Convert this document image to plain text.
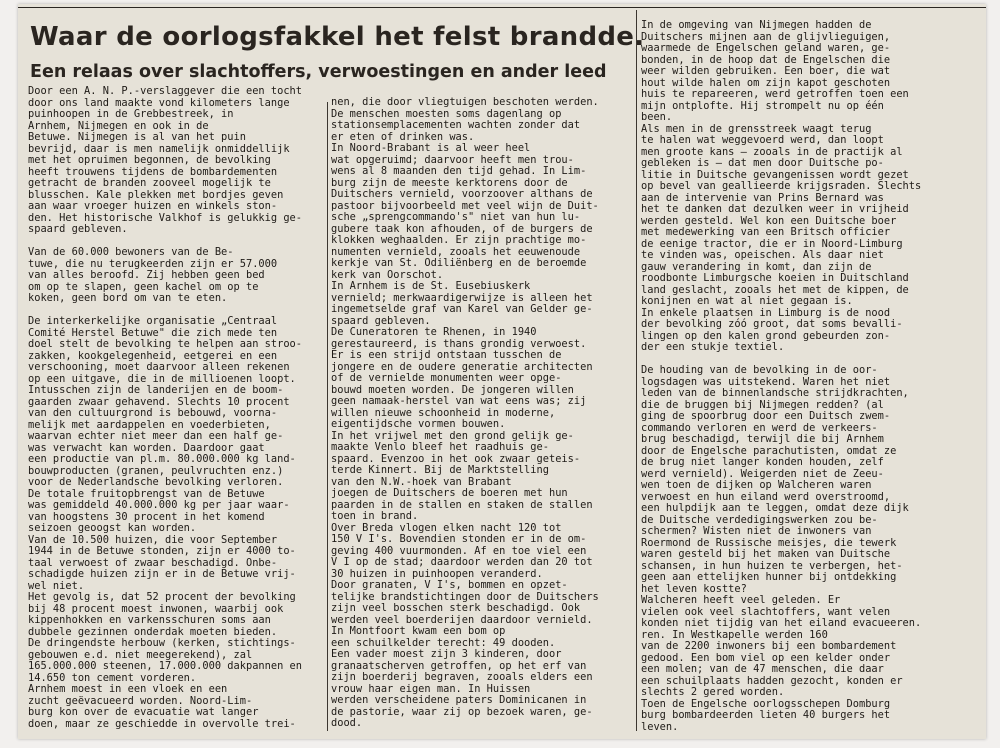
Waar de oorlogsfakkel het felst brandde.
Een relaas over slachtoffers, verwoestingen en ander leed
Door een A. N. P.-verslaggever die een tocht
door ons land maakte vond kilometers lange
puinhoopen in de Grebbestreek, in
Arnhem, Nijmegen en ook in de
Betuwe. Nijmegen is al van het puin
bevrijd, daar is men namelijk onmiddellijk
met het opruimen begonnen, de bevolking
heeft trouwens tijdens de bombardementen
getracht de branden zooveel mogelijk te
blusschen. Kale plekken met bordjes geven
aan waar vroeger huizen en winkels ston-
den. Het historische Valkhof is gelukkig ge-
spaard gebleven.
Van de 60.000 bewoners van de Be-
tuwe, die nu terugkeerden zijn er 57.000
van alles beroofd. Zij hebben geen bed
om op te slapen, geen kachel om op te
koken, geen bord om van te eten.
De interkerkelijke organisatie „Centraal
Comité Herstel Betuwe" die zich mede ten
doel stelt de bevolking te helpen aan stroo-
zakken, kookgelegenheid, eetgerei en een
verschooning, moet daarvoor alleen rekenen
op een uitgave, die in de millioenen loopt.
Intusschen zijn de landerijen en de boom-
gaarden zwaar gehavend. Slechts 10 procent
van den cultuurgrond is bebouwd, voorna-
melijk met aardappelen en voederbieten,
waarvan echter niet meer dan een half ge-
was verwacht kan worden. Daardoor gaat
een productie van pl.m. 80.000.000 kg land-
bouwproducten (granen, peulvruchten enz.)
voor de Nederlandsche bevolking verloren.
De totale fruitopbrengst van de Betuwe
was gemiddeld 40.000.000 kg per jaar waar-
van hoogstens 30 procent in het komend
seizoen geoogst kan worden.
Van de 10.500 huizen, die voor September
1944 in de Betuwe stonden, zijn er 4000 to-
taal verwoest of zwaar beschadigd. Onbe-
schadigde huizen zijn er in de Betuwe vrij-
wel niet.
Het gevolg is, dat 52 procent der bevolking
bij 48 procent moest inwonen, waarbij ook
kippenhokken en varkensschuren soms aan
dubbele gezinnen onderdak moeten bieden.
De dringendste herbouw (kerken, stichtings-
gebouwen e.d. niet meegerekend), zal
165.000.000 steenen, 17.000.000 dakpannen en
14.650 ton cement vorderen.
Arnhem moest in een vloek en een
zucht geëvacueerd worden. Noord-Lim-
burg kon over de evacuatie wat langer
doen, maar ze geschiedde in overvolle trei-
nen, die door vliegtuigen beschoten werden.
De menschen moesten soms dagenlang op
stationsemplacementen wachten zonder dat
er eten of drinken was.
In Noord-Brabant is al weer heel
wat opgeruimd; daarvoor heeft men trou-
wens al 8 maanden den tijd gehad. In Lim-
burg zijn de meeste kerktorens door de
Duitschers vernield, voorzoover althans de
pastoor bijvoorbeeld met veel wijn de Duit-
sche „sprengcommando's" niet van hun lu-
gubere taak kon afhouden, of de burgers de
klokken weghaalden. Er zijn prachtige mo-
numenten vernield, zooals het eeuwenoude
kerkje van St. Odiliënberg en de beroemde
kerk van Oorschot.
In Arnhem is de St. Eusebiuskerk
vernield; merkwaardigerwijze is alleen het
ingemetselde graf van Karel van Gelder ge-
spaard gebleven.
De Cuneratoren te Rhenen, in 1940
gerestaureerd, is thans grondig verwoest.
Er is een strijd ontstaan tusschen de
jongere en de oudere generatie architecten
of de vernielde monumenten weer opge-
bouwd moeten worden. De jongeren willen
geen namaak-herstel van wat eens was; zij
willen nieuwe schoonheid in moderne,
eigentijdsche vormen bouwen.
In het vrijwel met den grond gelijk ge-
maakte Venlo bleef het raadhuis ge-
spaard. Evenzoo in het ook zwaar geteis-
terde Kinnert. Bij de Marktstelling
van den N.W.-hoek van Brabant
joegen de Duitschers de boeren met hun
paarden in de stallen en staken de stallen
toen in brand.
Over Breda vlogen elken nacht 120 tot
150 V I's. Bovendien stonden er in de om-
geving 400 vuurmonden. Af en toe viel een
V I op de stad; daardoor werden dan 20 tot
30 huizen in puinhoopen veranderd.
Door granaten, V I's, bommen en opzet-
telijke brandstichtingen door de Duitschers
zijn veel bosschen sterk beschadigd. Ook
werden veel boerderijen daardoor vernield.
In Montfoort kwam een bom op
een schuilkelder terecht: 49 dooden.
Een vader moest zijn 3 kinderen, door
granaatscherven getroffen, op het erf van
zijn boerderij begraven, zooals elders een
vrouw haar eigen man. In Huissen
werden verscheidene paters Dominicanen in
de pastorie, waar zij op bezoek waren, ge-
dood.
In de omgeving van Nijmegen hadden de
Duitschers mijnen aan de glijvlieguigen,
waarmede de Engelschen geland waren, ge-
bonden, in de hoop dat de Engelschen die
weer wilden gebruiken. Een boer, die wat
hout wilde halen om zijn kapot geschoten
huis te repareeren, werd getroffen toen een
mijn ontplofte. Hij strompelt nu op één
been.
Als men in de grensstreek waagt terug
te halen wat weggevoerd werd, dan loopt
men groote kans — zooals in de practijk al
gebleken is — dat men door Duitsche po-
litie in Duitsche gevangenissen wordt gezet
op bevel van geallieerde krijgsraden. Slechts
aan de intervenie van Prins Bernard was
het te danken dat dezulken weer in vrijheid
werden gesteld. Wel kon een Duitsche boer
met medewerking van een Britsch officier
de eenige tractor, die er in Noord-Limburg
te vinden was, opeischen. Als daar niet
gauw verandering in komt, dan zijn de
roodbonte Limburgsche koeien in Duitschland
land geslacht, zooals het met de kippen, de
konijnen en wat al niet gegaan is.
In enkele plaatsen in Limburg is de nood
der bevolking zóó groot, dat soms bevalli-
lingen op den kalen grond gebeurden zon-
der een stukje textiel.
De houding van de bevolking in de oor-
logsdagen was uitstekend. Waren het niet
leden van de binnenlandsche strijdkrachten,
die de bruggen bij Nijmegen redden? (al
ging de spoorbrug door een Duitsch zwem-
commando verloren en werd de verkeers-
brug beschadigd, terwijl die bij Arnhem
door de Engelsche parachutisten, omdat ze
de brug niet langer konden houden, zelf
werd vernield). Weigerden niet de Zeeu-
wen toen de dijken op Walcheren waren
verwoest en hun eiland werd overstroomd,
een hulpdijk aan te leggen, omdat deze dijk
de Duitsche verdedigingswerken zou be-
schermen? Wisten niet de inwoners van
Roermond de Russische meisjes, die tewerk
waren gesteld bij het maken van Duitsche
schansen, in hun huizen te verbergen, het-
geen aan ettelijken hunner bij ontdekking
het leven kostte?
Walcheren heeft veel geleden. Er
vielen ook veel slachtoffers, want velen
konden niet tijdig van het eiland evacueeren.
ren. In Westkapelle werden 160
van de 2200 inwoners bij een bombardement
gedood. Een bom viel op een kelder onder
een molen; van de 47 menschen, die daar
een schuilplaats hadden gezocht, konden er
slechts 2 gered worden.
Toen de Engelsche oorlogsschepen Domburg
burg bombardeerden lieten 40 burgers het
leven.
